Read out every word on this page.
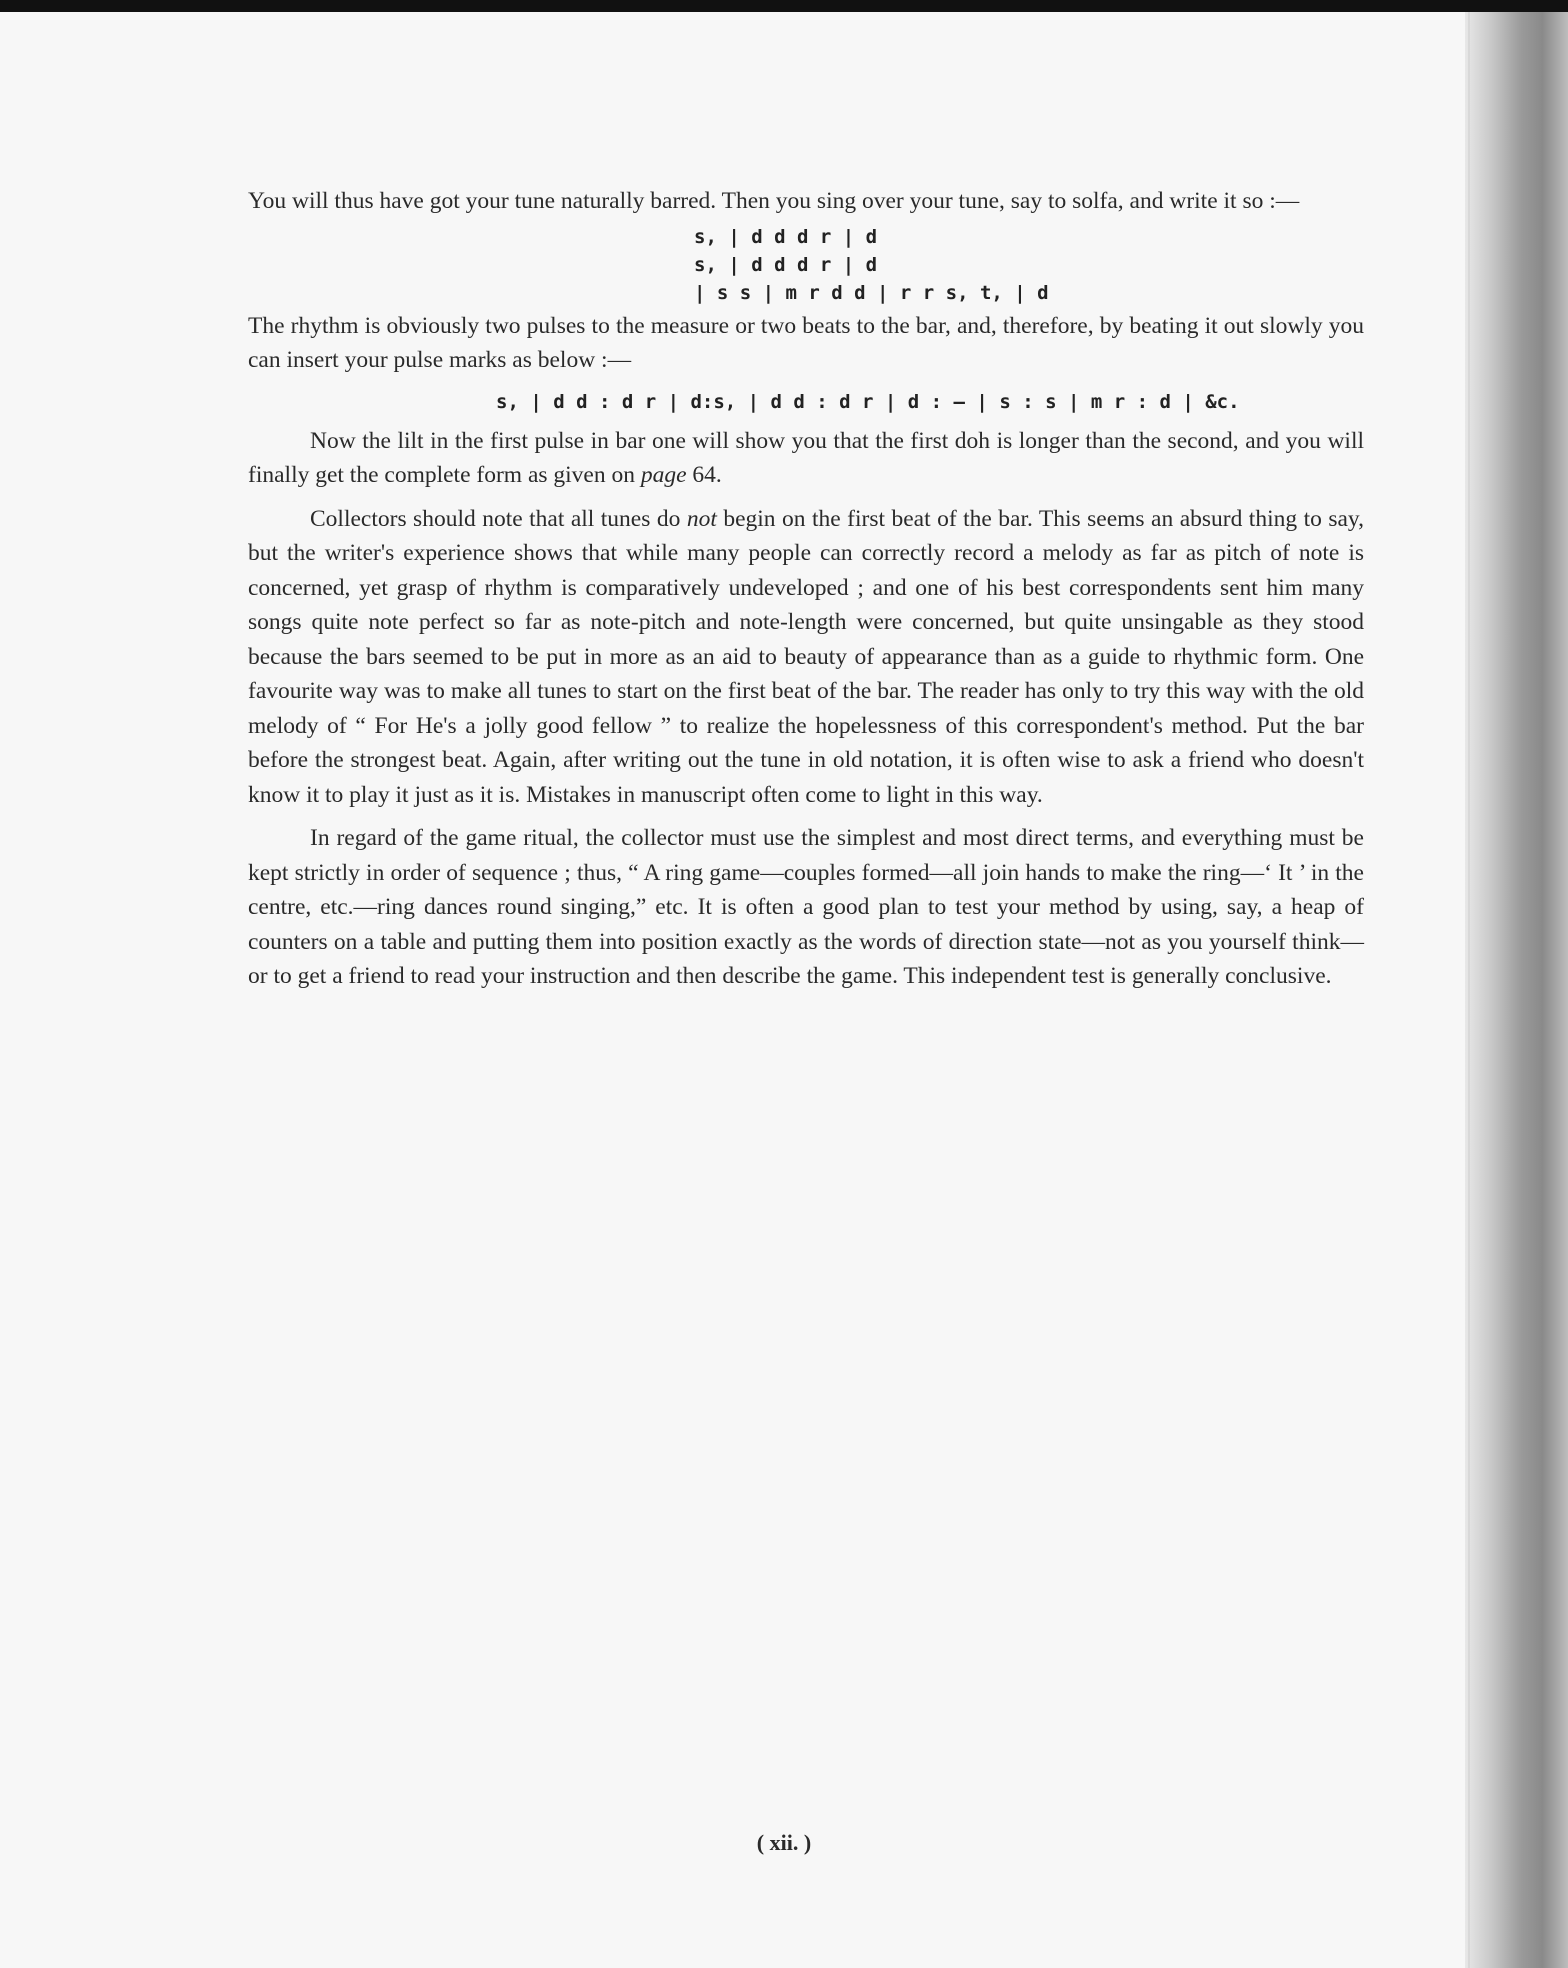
You will thus have got your tune naturally barred. Then you sing over your tune, say to solfa, and write it so :—

s, | d d d r | d
s, | d d d r | d
| s s | m r d d | r r s, t, | d

The rhythm is obviously two pulses to the measure or two beats to the bar, and, therefore, by beating it out slowly you can insert your pulse marks as below :—

s, | d d : d r | d:s, | d d : d r | d : — | s : s | m r : d | &c.

Now the lilt in the first pulse in bar one will show you that the first doh is longer than the second, and you will finally get the complete form as given on page 64.

Collectors should note that all tunes do not begin on the first beat of the bar. This seems an absurd thing to say, but the writer's experience shows that while many people can correctly record a melody as far as pitch of note is concerned, yet grasp of rhythm is comparatively undeveloped ; and one of his best correspondents sent him many songs quite note perfect so far as note-pitch and note-length were concerned, but quite unsingable as they stood because the bars seemed to be put in more as an aid to beauty of appearance than as a guide to rhythmic form. One favourite way was to make all tunes to start on the first beat of the bar. The reader has only to try this way with the old melody of “ For He's a jolly good fellow ” to realize the hopelessness of this correspondent's method. Put the bar before the strongest beat. Again, after writing out the tune in old notation, it is often wise to ask a friend who doesn't know it to play it just as it is. Mistakes in manuscript often come to light in this way.

In regard of the game ritual, the collector must use the simplest and most direct terms, and everything must be kept strictly in order of sequence ; thus, “ A ring game—couples formed—all join hands to make the ring—‘ It ’ in the centre, etc.—ring dances round singing,” etc. It is often a good plan to test your method by using, say, a heap of counters on a table and putting them into position exactly as the words of direction state—not as you yourself think—or to get a friend to read your instruction and then describe the game. This independent test is generally conclusive.

( xii. )
